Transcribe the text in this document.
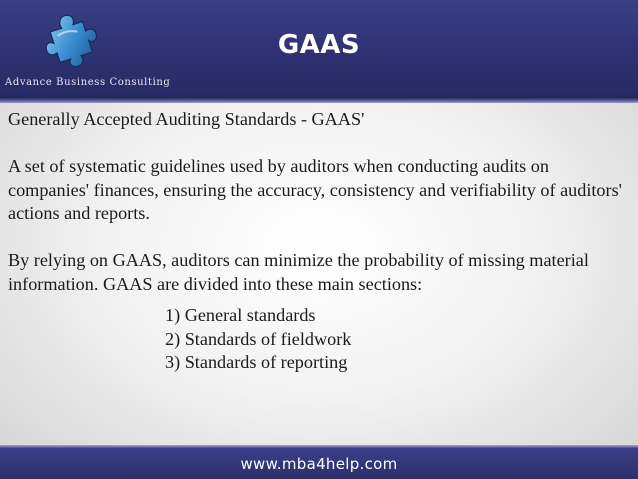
Advance Business Consulting
GAAS

Generally Accepted Auditing Standards - GAAS'

A set of systematic guidelines used by auditors when conducting audits on companies' finances, ensuring the accuracy, consistency and verifiability of auditors' actions and reports.

By relying on GAAS, auditors can minimize the probability of missing material information. GAAS are divided into these main sections:

1) General standards
2) Standards of fieldwork
3) Standards of reporting
www.mba4help.com
